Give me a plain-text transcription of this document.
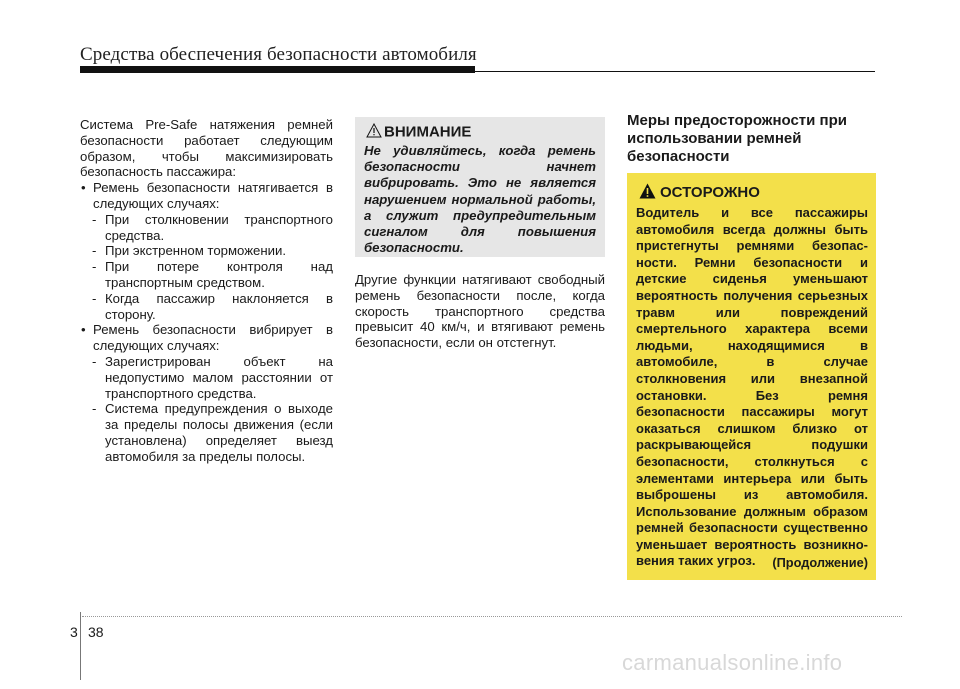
Средства обеспечения безопасности автомобиля

Система Pre-Safe натяжения ремней безопасности работает следующим образом, чтобы максимизировать безопасность пассажира:

• Ремень безопасности натягивается в следующих случаях:

- При столкновении транспортного средства.

- При экстренном торможении.

- При потере контроля над транспортным средством.

- Когда пассажир наклоняется в сторону.

• Ремень безопасности вибрирует в следующих случаях:

- Зарегистрирован объект на недопустимо малом расстоянии от транспортного средства.

- Система предупреждения о выходе за пределы полосы движения (если установлена) определяет выезд автомобиля за пределы полосы.

ВНИМАНИЕ
Не удивляйтесь, когда ремень безопасности начнет вибрировать. Это не является нарушением нормальной работы, а служит предупредительным сигналом для повышения безопасности.
Другие функции натягивают свободный ремень безопасности после, когда скорость транспортного средства превысит 40 км/ч, и втягивают ремень безопасности, если он отстегнут.
Меры предосторожности при использовании ремней безопасности
ОСТОРОЖНО
Водитель и все пассажиры автомобиля всегда должны быть пристегнуты ремнями безопас-ности. Ремни безопасности и детские сиденья уменьшают вероятность получения серьезных травм или повреждений смертельного характера всеми людьми, находящимися в автомобиле, в случае столкновения или внезапной остановки. Без ремня безопасности пассажиры могут оказаться слишком близко от раскрывающейся подушки безопасности, столкнуться с элементами интерьера или быть выброшены из автомобиля. Использование должным образом ремней безопасности существенно уменьшает вероятность возникно-вения таких угроз.	(Продолжение)
3 38
carmanualsonline.info
